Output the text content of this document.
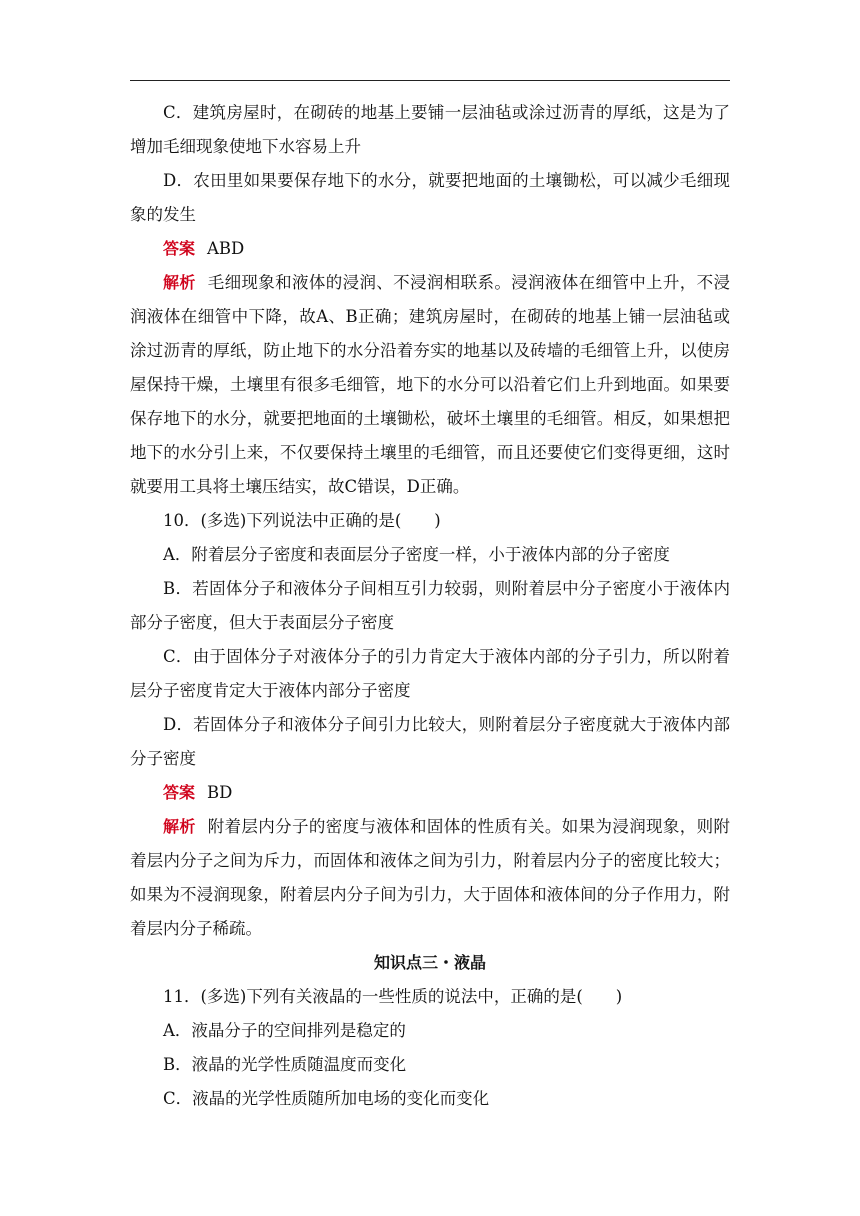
C．建筑房屋时，在砌砖的地基上要铺一层油毡或涂过沥青的厚纸，这是为了增加毛细现象使地下水容易上升

D．农田里如果要保存地下的水分，就要把地面的土壤锄松，可以减少毛细现象的发生

答案 ABD

解析 毛细现象和液体的浸润、不浸润相联系。浸润液体在细管中上升，不浸润液体在细管中下降，故A、B正确；建筑房屋时，在砌砖的地基上铺一层油毡或涂过沥青的厚纸，防止地下的水分沿着夯实的地基以及砖墙的毛细管上升，以使房屋保持干燥，土壤里有很多毛细管，地下的水分可以沿着它们上升到地面。如果要保存地下的水分，就要把地面的土壤锄松，破坏土壤里的毛细管。相反，如果想把地下的水分引上来，不仅要保持土壤里的毛细管，而且还要使它们变得更细，这时就要用工具将土壤压结实，故C错误，D正确。

10．(多选)下列说法中正确的是(　　)

A．附着层分子密度和表面层分子密度一样，小于液体内部的分子密度

B．若固体分子和液体分子间相互引力较弱，则附着层中分子密度小于液体内部分子密度，但大于表面层分子密度

C．由于固体分子对液体分子的引力肯定大于液体内部的分子引力，所以附着层分子密度肯定大于液体内部分子密度

D．若固体分子和液体分子间引力比较大，则附着层分子密度就大于液体内部分子密度

答案 BD

解析 附着层内分子的密度与液体和固体的性质有关。如果为浸润现象，则附着层内分子之间为斥力，而固体和液体之间为引力，附着层内分子的密度比较大；如果为不浸润现象，附着层内分子间为引力，大于固体和液体间的分子作用力，附着层内分子稀疏。

知识点三・液晶

11．(多选)下列有关液晶的一些性质的说法中，正确的是(　　)

A．液晶分子的空间排列是稳定的

B．液晶的光学性质随温度而变化

C．液晶的光学性质随所加电场的变化而变化
